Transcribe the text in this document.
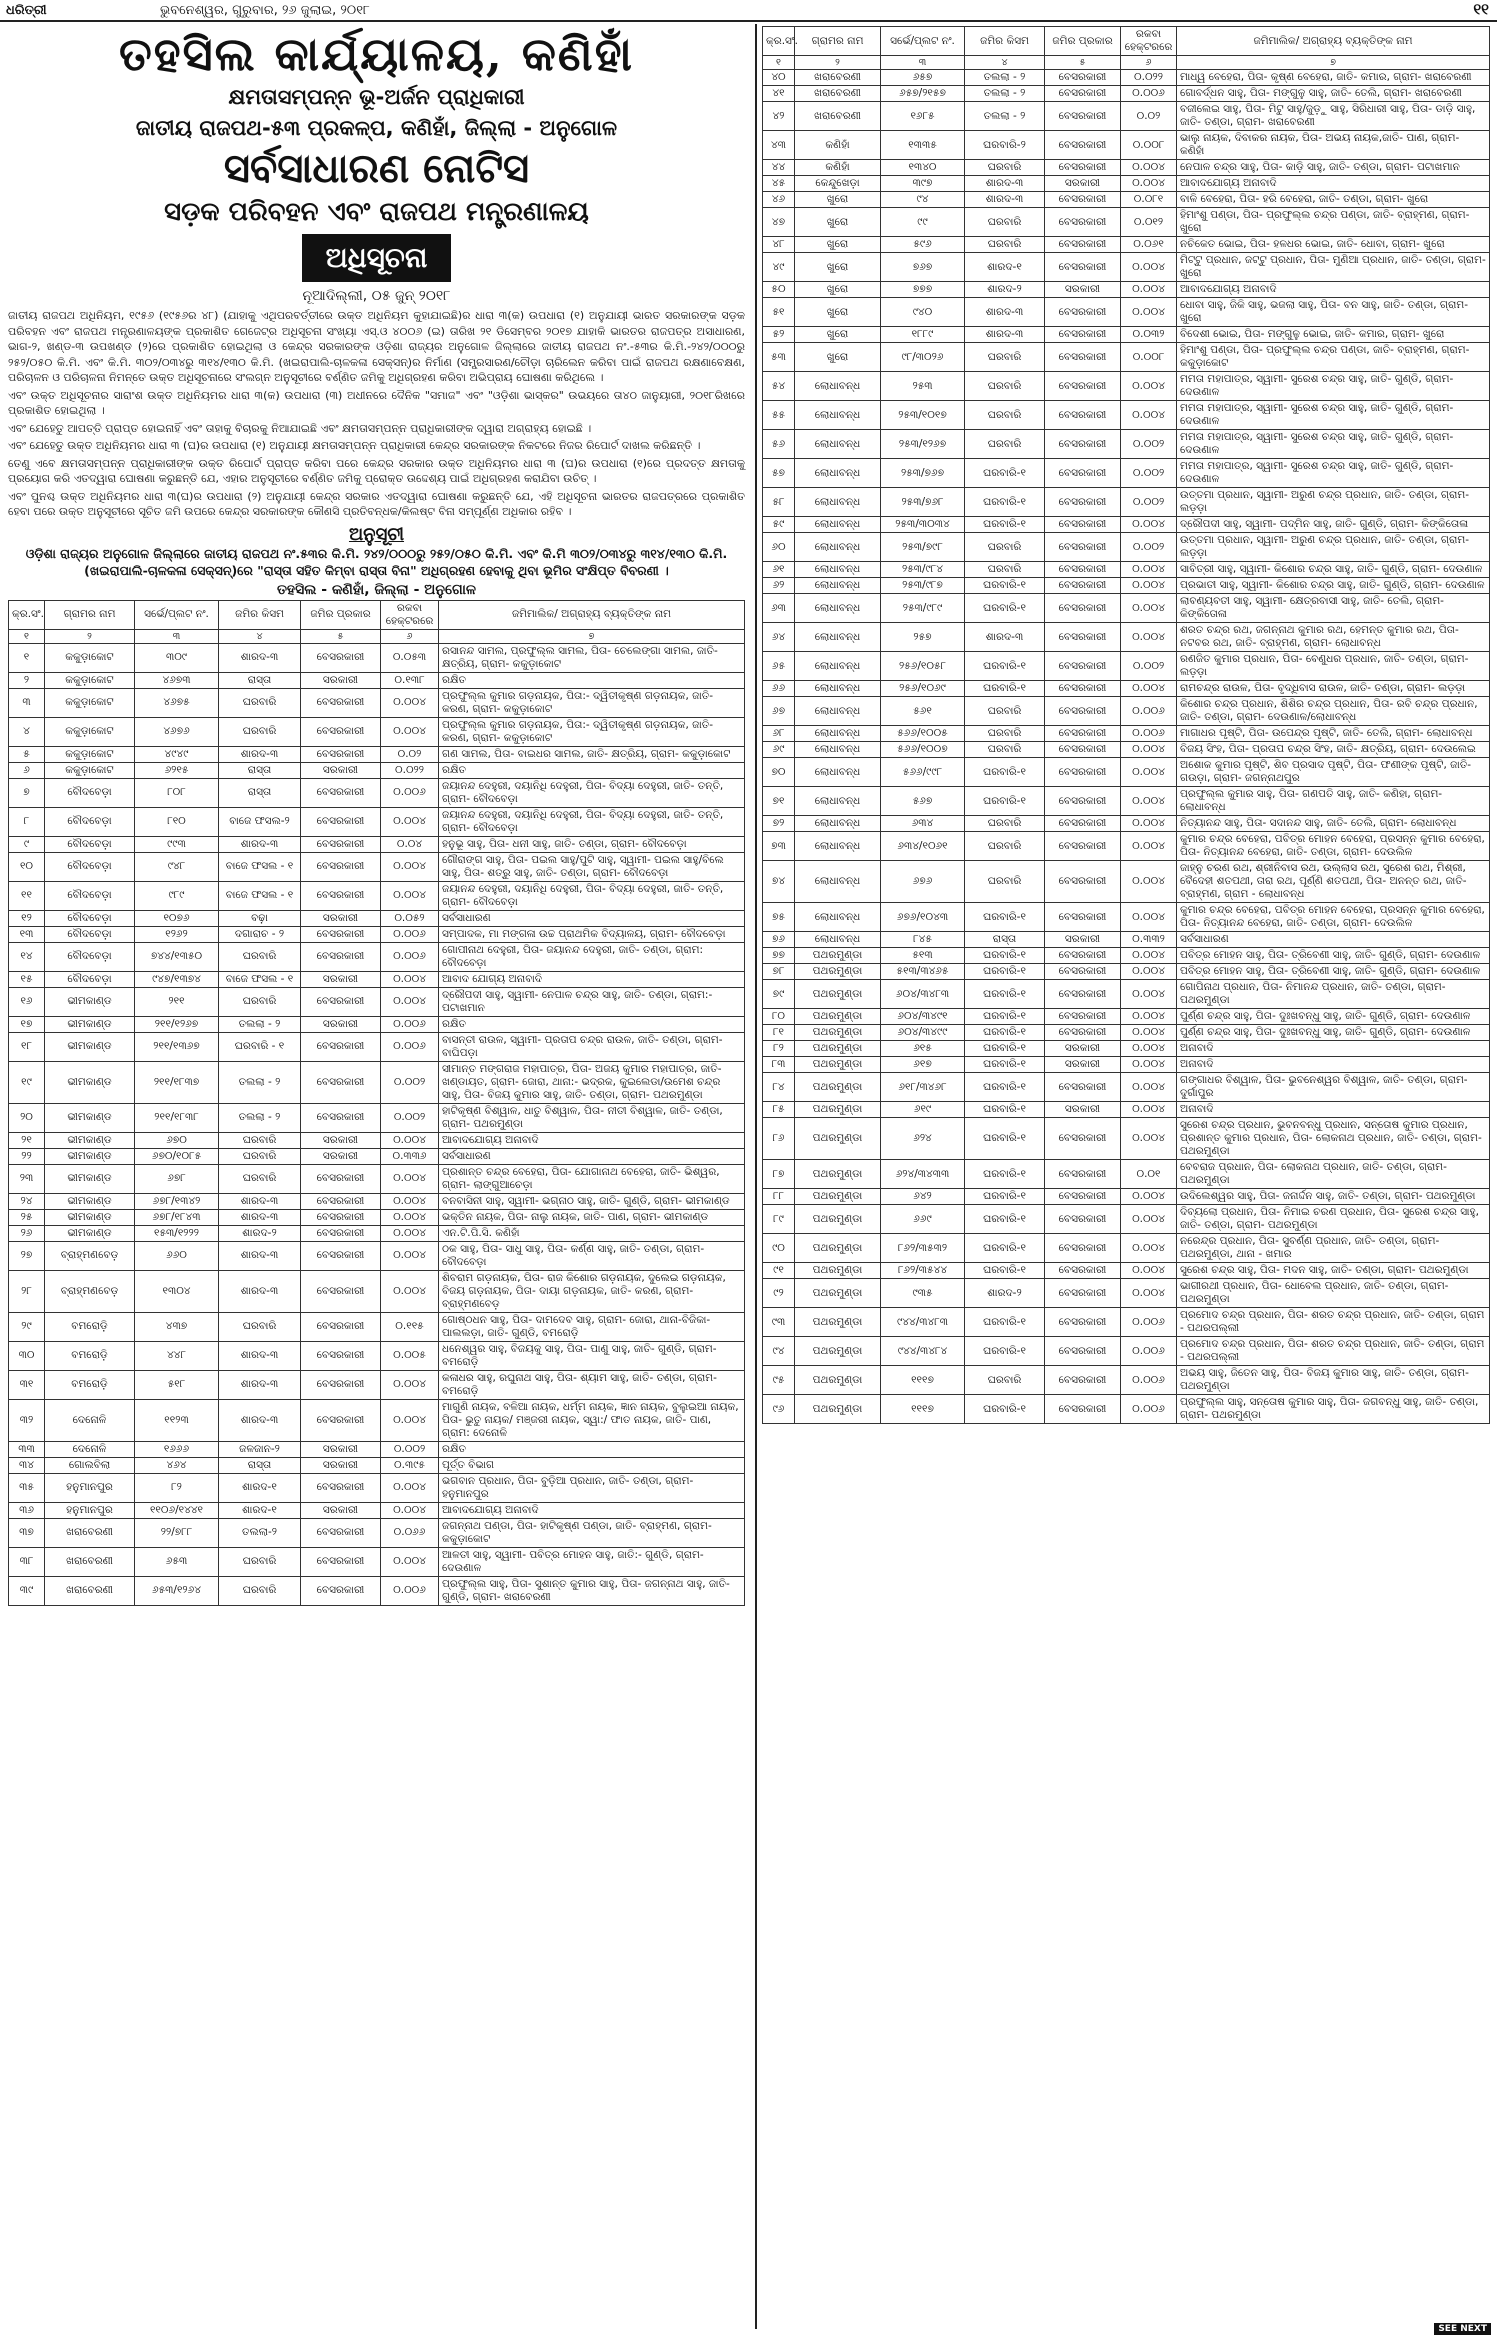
ଧରିତ୍ରୀ	ଭୁବନେଶ୍ୱର, ଗୁରୁବାର, ୨୬ ଜୁଲାଇ, ୨୦୧୮	୧୧
ତହସିଲ କାର୍ଯ୍ୟାଳୟ, କଣିହାଁ
କ୍ଷମତାସମ୍ପନ୍ନ ଭୂ-ଅର୍ଜନ ପ୍ରାଧିକାରୀ
ଜାତୀୟ ରାଜପଥ-୫୩ ପ୍ରକଳ୍ପ, କଣିହାଁ, ଜିଲ୍ଲା - ଅନୁଗୋଳ
ସର୍ବସାଧାରଣ ନୋଟିସ
ସଡ଼କ ପରିବହନ ଏବଂ ରାଜପଥ ମନ୍ତ୍ରଣାଳୟ
ଅଧିସୂଚନା
ନୂଆଦିଲ୍ଲୀ, ୦୫ ଜୁନ୍ ୨୦୧୮
ଜାତୀୟ ରାଜପଥ ଅଧିନିୟମ, ୧୯୫୬ (୧୯୫୬ର ୪୮) (ଯାହାକୁ ଏଥିପରବର୍ତ୍ତୀରେ ଉକ୍ତ ଅଧିନିୟମ କୁହାଯାଇଛି)ର ଧାରା ୩(କ) ଉପଧାରା (୧) ଅନୁଯାୟୀ ଭାରତ ସରକାରଙ୍କ ସଡ଼କ ପରିବହନ ଏବଂ ରାଜପଥ ମନ୍ତ୍ରଣାଳୟଙ୍କ ପ୍ରକାଶିତ ଗେଜେଟ୍ର ଅଧିସୂଚନା ସଂଖ୍ୟା ଏସ୍.ଓ ୪୦୦୬ (ଇ) ତାରିଖ ୨୧ ଡିସେମ୍ବର ୨୦୧୭ ଯାହାକି ଭାରତର ରାଜପତ୍ର ଅସାଧାରଣ, ଭାଗ-୨, ଖଣ୍ଡ-୩ ଉପଖଣ୍ଡ (୨)ରେ ପ୍ରକାଶିତ ହୋଇଥିଲା ଓ କେନ୍ଦ୍ର ସରକାରଙ୍କ ଓଡ଼ିଶା ରାଜ୍ୟର ଅନୁଗୋଳ ଜିଲ୍ଲାରେ ଜାତୀୟ ରାଜପଥ ନଂ.-୫୩ର କି.ମି.-୨୪୨/୦୦୦ରୁ ୨୫୨/୦୫୦ କି.ମି. ଏବଂ କି.ମି. ୩୦୨/୦୩୪ରୁ ୩୧୪/୧୩୦ କି.ମି. (ଖଇରାପାଲି-ଚାଳକଳା ସେକ୍ସନ୍)ର ନିର୍ମାଣ (ସମ୍ପ୍ରସାରଣ/ଚୌଡ଼ା ଚାରିଲେନ କରିବା ପାଇଁ ରାଜପଥ ରକ୍ଷଣାବେକ୍ଷଣ, ପରିଚାଳନ ଓ ପରିଚାଳନା ନିମନ୍ତେ ଉକ୍ତ ଅଧିସୂଚନାରେ ସଂଲଗ୍ନ ଅନୁସୂଚୀରେ ବର୍ଣ୍ଣିତ ଜମିକୁ ଅଧିଗ୍ରହଣ କରିବା ଅଭିପ୍ରାୟ ଘୋଷଣା କରିଥିଲେ ।
ଏବଂ ଉକ୍ତ ଅଧିସୂଚନାର ସାରାଂଶ ଉକ୍ତ ଅଧିନିୟମର ଧାରା ୩(କ) ଉପଧାରା (୩) ଅଧୀନରେ ଦୈନିକ "ସମାଜ" ଏବଂ "ଓଡ଼ିଶା ଭାସ୍କର" ଉଭୟରେ ତା୪ଠ ଜାନୁୟାରୀ, ୨୦୧୮ରିଖରେ ପ୍ରକାଶିତ ହୋଇଥିଲା ।
ଏବଂ ଯେହେତୁ ଆପତ୍ତି ପ୍ରାପ୍ତ ହୋଇନାହିଁ ଏବଂ ତାହାକୁ ବିଚାରକୁ ନିଆଯାଇଛି ଏବଂ କ୍ଷମତାସମ୍ପନ୍ନ ପ୍ରାଧିକାରୀଙ୍କ ଦ୍ୱାରା ଅଗ୍ରାହ୍ୟ ହୋଇଛି ।
ଏବଂ ଯେହେତୁ ଉକ୍ତ ଅଧିନିୟମର ଧାରା ୩ (ଘ)ର ଉପଧାରା (୧) ଅନୁଯାୟୀ କ୍ଷମତାସମ୍ପନ୍ନ ପ୍ରାଧିକାରୀ କେନ୍ଦ୍ର ସରକାରଙ୍କ ନିକଟରେ ନିଜର ରିପୋର୍ଟ ଦାଖଲ କରିଛନ୍ତି ।
ତେଣୁ ଏବେ କ୍ଷମତାସମ୍ପନ୍ନ ପ୍ରାଧିକାରୀଙ୍କ ଉକ୍ତ ରିପୋର୍ଟ ପ୍ରାପ୍ତ କରିବା ପରେ କେନ୍ଦ୍ର ସରକାର ଉକ୍ତ ଅଧିନିୟମର ଧାରା ୩ (ଘ)ର ଉପଧାରା (୧)ରେ ପ୍ରଦତ୍ତ କ୍ଷମତାକୁ ପ୍ରୟୋଗ କରି ଏତଦ୍ୱାରା ଘୋଷଣା କରୁଛନ୍ତି ଯେ, ଏହାର ଅନୁସୂଚୀରେ ବର୍ଣ୍ଣିତ ଜମିକୁ ପ୍ରୋକ୍ତ ଉଦ୍ଦେଶ୍ୟ ପାଇଁ ଅଧିଗ୍ରହଣ କରାଯିବା ଉଚିତ୍ ।
ଏବଂ ପୁନଶ୍ଚ ଉକ୍ତ ଅଧିନିୟମର ଧାରା ୩(ଘ)ର ଉପଧାରା (୨) ଅନୁଯାୟୀ କେନ୍ଦ୍ର ସରକାର ଏତଦ୍ୱାରା ଘୋଷଣା କରୁଛନ୍ତି ଯେ, ଏହି ଅଧିସୂଚନା ଭାରତର ରାଜପତ୍ରରେ ପ୍ରକାଶିତ ହେବା ପରେ ଉକ୍ତ ଅନୁସୂଚୀରେ ସୂଚିତ ଜମି ଉପରେ କେନ୍ଦ୍ର ସରକାରଙ୍କ କୌଣସି ପ୍ରତିବନ୍ଧକ/କିଲଷ୍ଟ ବିନା ସମ୍ପୂର୍ଣ୍ଣ ଅଧିକାର ରହିବ ।
ଅନୁସୂଚୀ
ଓଡ଼ିଶା ରାଜ୍ୟର ଅନୁଗୋଳ ଜିଲ୍ଲାରେ ଜାତୀୟ ରାଜପଥ ନଂ.୫୩ର କି.ମି. ୨୪୨/୦୦୦ରୁ ୨୫୨/୦୫୦ କି.ମି. ଏବଂ କି.ମି ୩୦୨/୦୩୪ରୁ ୩୧୪/୧୩୦ କି.ମି. (ଖଇରାପାଲି-ଚାଳକଳା ସେକ୍ସନ୍)ରେ "ରାସ୍ତା ସହିତ କିମ୍ବା ରାସ୍ତା ବିନା" ଅଧିଗ୍ରହଣ ହେବାକୁ ଥିବା ଭୂମିର ସଂକ୍ଷିପ୍ତ ବିବରଣୀ ।
ତହସିଲ - କଣିହାଁ, ଜିଲ୍ଲା - ଅନୁଗୋଳ
କ୍ର.ସଂ.	ଗ୍ରାମର ନାମ	ସର୍ଭେ/ପ୍ଲଟ ନଂ.	ଜମିର କିସମ	ଜମିର ପ୍ରକାର	ରକବା ହେକ୍ଟରରେ	ଜମିମାଲିକ/ ଅଗ୍ରାହ୍ୟ ବ୍ୟକ୍ତିଙ୍କ ନାମ
୧	୨	୩	୪	୫	୬	୭
୧	କକୁଡ଼ାକୋଟ	୩୦୯	ଶାରଦ-୩	ବେସରକାରୀ	୦.୦୫୩	ରସାନନ୍ଦ ସାମଲ, ପ୍ରଫୁଲ୍ଲ ସାମଲ, ପିତା- ଚେଲେଙ୍ଗା ସାମଲ, ଜାତି- କ୍ଷତ୍ରିୟ, ଗ୍ରାମ- କକୁଡ଼ାକୋଟ
୨	କକୁଡ଼ାକୋଟ	୪୬୭୩	ରାସ୍ତା	ସରକାରୀ	୦.୧୩୮	ରକ୍ଷିତ
୩	କକୁଡ଼ାକୋଟ	୪୬୭୫	ଘରବାରି	ବେସରକାରୀ	୦.୦୦୪	ପ୍ରଫୁଲ୍ଲ କୁମାର ଗଡ଼ନାୟକ, ପିତା:- ଦ୍ୱିତୀକୃଷ୍ଣ ଗଡ଼ନାୟକ, ଜାତି- କରଣ, ଗ୍ରାମ- କକୁଡ଼ାକୋଟ
୪	କକୁଡ଼ାକୋଟ	୪୬୭୬	ଘରବାରି	ବେସରକାରୀ	୦.୦୦୪	ପ୍ରଫୁଲ୍ଲ କୁମାର ଗଡ଼ନାୟକ, ପିତା:- ଦ୍ୱିତୀକୃଷ୍ଣ ଗଡ଼ନାୟକ, ଜାତି- କରଣ, ଗ୍ରାମ- କକୁଡ଼ାକୋଟ
୫	କକୁଡ଼ାକୋଟ	୪୯୪୯	ଶାରଦ-୩	ବେସରକାରୀ	୦.୦୨	ଗଣ ସାମଲ, ପିତା- ବାଇଧର ସାମଲ, ଜାତି- କ୍ଷତ୍ରିୟ, ଗ୍ରାମ- କକୁଡ଼ାକୋଟ
୬	କକୁଡ଼ାକୋଟ	୬୨୧୫	ରାସ୍ତା	ସରକାରୀ	୦.୦୨୨	ରକ୍ଷିତ
୭	ବୌଦବେଡ଼ା	୮୦୮	ରାସ୍ତା	ବେସରକାରୀ	୦.୦୦୬	ଜୟାନନ୍ଦ ଦେହୁରୀ, ଦୟାନିଧି ଦେହୁରୀ, ପିତା- ବିଦ୍ୟା ଦେହୁରୀ, ଜାତି- ତନ୍ତି, ଗ୍ରାମ- ବୌଦବେଡ଼ା
୮	ବୌଦବେଡ଼ା	୮୧୦	ବାଜେ ଫସଲ-୨	ବେସରକାରୀ	୦.୦୦୪	ଜୟାନନ୍ଦ ଦେହୁରୀ, ଦୟାନିଧି ଦେହୁରୀ, ପିତା- ବିଦ୍ୟା ଦେହୁରୀ, ଜାତି- ତନ୍ତି, ଗ୍ରାମ- ବୌଦବେଡ଼ା
୯	ବୌଦବେଡ଼ା	୯୯୩	ଶାରଦ-୩	ବେସରକାରୀ	୦.୦୪	ହନୁଭୂ ସାହୁ, ପିତା- ଧନୀ ସାହୁ, ଜାତି- ତଣ୍ଡା, ଗ୍ରାମ- ବୌଦବେଡ଼ା
୧୦	ବୌଦବେଡ଼ା	୯୪୮	ବାଜେ ଫସଲ - ୧	ବେସରକାରୀ	୦.୦୦୪	ଗୌରାଙ୍ଗ ସାହୁ, ପିତା- ପଇଲ ସାହୁ/ପୁଟି ସାହୁ, ସ୍ୱାମୀ- ପଇଲ ସାହୁ/ବିଲେ ସାହୁ, ପିତା- ଶତ୍ରୁ ସାହୁ, ଜାତି- ତଣ୍ଡା, ଗ୍ରାମ- ବୌଦବେଡ଼ା
୧୧	ବୌଦବେଡ଼ା	୯୮୯	ବାଜେ ଫସଲ - ୧	ବେସରକାରୀ	୦.୦୦୪	ଜୟାନନ୍ଦ ଦେହୁରୀ, ଦୟାନିଧି ଦେହୁରୀ, ପିତା- ବିଦ୍ୟା ଦେହୁରୀ, ଜାତି- ତନ୍ତି, ଗ୍ରାମ- ବୌଦବେଡ଼ା
୧୨	ବୌଦବେଡ଼ା	୧୦୭୬	ବଢ଼ା	ସରକାରୀ	୦.୦୫୨	ସର୍ବସାଧାରଣ
୧୩	ବୌଦବେଡ଼ା	୧୨୬୨	ଦଗାରାଚ - ୨	ବେସରକାରୀ	୦.୦୦୬	ସମ୍ପାଦକ, ମା ମଙ୍ଗଳା ଉଚ୍ଚ ପ୍ରାଥମିକ ବିଦ୍ୟାଳୟ, ଗ୍ରାମ- ବୌଦବେଡ଼ା
୧୪	ବୌଦବେଡ଼ା	୭୪୪/୧୩୫୦	ଘରବାରି	ବେସରକାରୀ	୦.୦୦୬	ଗୋପୀନାଥ ଦେହୁରୀ, ପିତା- ଜୟାନନ୍ଦ ଦେହୁରୀ, ଜାତି- ତଣ୍ଡା, ଗ୍ରାମ: ବୌଦବେଡ଼ା
୧୫	ବୌଦବେଡ଼ା	୯୪୭/୧୩୭୪	ବାଜେ ଫସଲ - ୧	ସରକାରୀ	୦.୦୦୪	ଆବାଦ ଯୋଗ୍ୟ ଅନାବାଦି
୧୬	ଭୀମକାଣ୍ଡ	୨୧୧	ଘରବାରି	ବେସରକାରୀ	୦.୦୦୪	ଦ୍ରୌପଦୀ ସାହୁ, ସ୍ୱାମୀ- ନେପାଳ ଚନ୍ଦ୍ର ସାହୁ, ଜାତି- ତଣ୍ଡା, ଗ୍ରାମ:- ପଟାଖମାନ
୧୭	ଭୀମକାଣ୍ଡ	୨୧୧/୧୨୬୭	ତଲଲା - ୨	ସରକାରୀ	୦.୦୦୬	ରକ୍ଷିତ
୧୮	ଭୀମକାଣ୍ଡ	୨୧୧/୧୩୬୭	ଘରବାରି - ୧	ବେସରକାରୀ	୦.୦୦୬	ବାସନ୍ତୀ ରାଉଳ, ସ୍ୱାମୀ- ପ୍ରତାପ ଚନ୍ଦ୍ର ରାଉଳ, ଜାତି- ତଣ୍ଡା, ଗ୍ରାମ- ବାଘିପଡ଼ା
୧୯	ଭୀମକାଣ୍ଡ	୨୧୧/୧୮୩୭	ତଲଲା - ୨	ବେସରକାରୀ	୦.୦୦୨	ସୀମାନ୍ତ ମଙ୍ଗରାଜ ମହାପାତ୍ର, ପିତା- ଅଜୟ କୁମାର ମହାପାତ୍ର, ଜାତି- ଖଣ୍ଡାୟତ, ଗ୍ରାମ- ଜୋରା, ଥାନା:- ଭଦ୍ରକ, କୁଇଲେଡା/ଉମେଶ ଚନ୍ଦ୍ର ସାହୁ, ପିତା- ବିଜୟ କୁମାର ସାହୁ, ଜାତି- ତଣ୍ଡା, ଗ୍ରାମ- ପଥରମୁଣ୍ଡା
୨୦	ଭୀମକାଣ୍ଡ	୨୧୧/୧୮୩୮	ତଲଲା - ୨	ବେସରକାରୀ	୦.୦୦୨	ହାଟିକୃଷ୍ଣ ବିଶ୍ୱାଳ, ଧାତୁ ବିଶ୍ୱାଳ, ପିତା- ନୀତୀ ବିଶ୍ୱାଳ, ଜାତି- ତଣ୍ଡା, ଗ୍ରାମ- ପଥରମୁଣ୍ଡା
୨୧	ଭୀମକାଣ୍ଡ	୬୭୦	ଘରବାରି	ସରକାରୀ	୦.୦୦୪	ଆବାଦଯୋଗ୍ୟ ଅନାବାଦି
୨୨	ଭୀମକାଣ୍ଡ	୬୭୦/୧୦୮୫	ଘରବାରି	ସରକାରୀ	୦.୩୩୬	ସର୍ବସାଧାରଣ
୨୩	ଭୀମକାଣ୍ଡ	୬୭୮	ଘରବାରି	ବେସରକାରୀ	୦.୦୦୪	ପ୍ରଶାନ୍ତ ଚନ୍ଦ୍ର ବେହେରା, ପିତା- ଯୋଗାନାଥ ବେହେରା, ଜାତି- ଭିଶ୍ୱର, ଗ୍ରାମ- ଲାଙ୍ଗୁଆଚେଡ଼ା
୨୪	ଭୀମକାଣ୍ଡ	୬୭୮/୧୩୪୨	ଶାରଦ-୩	ବେସରକାରୀ	୦.୦୦୪	ବନବାସିନୀ ସାହୁ, ସ୍ୱାମୀ- ଭଗ୍ନାଠ ସାହୁ, ଜାତି- ଗୁଣ୍ଡି, ଗ୍ରାମ- ଭୀମକାଣ୍ଡ
୨୫	ଭୀମକାଣ୍ଡ	୬୭୮/୧୮୪୩	ଶାରଦ-୩	ବେସରକାରୀ	୦.୦୦୪	ଭକ୍ତିନ ନାୟକ, ପିତା- ନାଲୁ ନାୟକ, ଜାତି- ପାଣ, ଗ୍ରାମ- ଭୀମକାଣ୍ଡ
୨୬	ଭୀମକାଣ୍ଡ	୧୫୩/୧୨୨୨	ଶାରଦ-୨	ବେସରକାରୀ	୦.୦୦୪	ଏନ.ଟି.ପି.ସି. କଣିହାଁ
୨୭	ବ୍ରାହ୍ମଣବେଡ଼	୬୬୦	ଶାରଦ-୩	ବେସରକାରୀ	୦.୦୦୪	ଠକ ସାହୁ, ପିତା- ସାଧୁ ସାହୁ, ପିତା- କର୍ଣ୍ଣ ସାହୁ, ଜାତି- ତଣ୍ଡା, ଗ୍ରାମ- ବୌଦବେଡ଼ା
୨୮	ବ୍ରାହ୍ମଣବେଡ଼	୧୩୦୪	ଶାରଦ-୩	ବେସରକାରୀ	୦.୦୦୪	ଶିବରାମ ଗଡ଼ନାୟକ, ପିତା- ରାଜ କିଶୋର ଗଡ଼ନାୟକ, ଦୁଲେଇ ଗଡ଼ନାୟକ, ବିଜୟ ଗଡ଼ନାୟକ, ପିତା- ଦାୟା ଗଡ଼ନାୟକ, ଜାତି- କରଣ, ଗ୍ରାମ- ବ୍ରାହ୍ମଣବେଡ଼
୨୯	ବମରୋଡ଼ି	୪୩୭	ଘରବାରି	ବେସରକାରୀ	୦.୧୧୫	ଗୋଷ୍ଠଧନ ସାହୁ, ପିତା- ଦାମଦେବ ସାହୁ, ଗ୍ରାମ- ଜୋରା, ଥାନା-ବିଜିକା- ପାଲଲଡ଼ା, ଜାତି- ଗୁଣ୍ଡି, ବମରୋଡ଼ି
୩୦	ବମରୋଡ଼ି	୪୪୮	ଶାରଦ-୩	ବେସରକାରୀ	୦.୦୦୫	ଧନେଶ୍ୱର ସାହୁ, ବିଜୟକୁ ସାହୁ, ପିତା- ପାଣୁ ସାହୁ, ଜାତି- ଗୁଣ୍ଡି, ଗ୍ରାମ- ବମରୋଡ଼ି
୩୧	ବମରୋଡ଼ି	୫୧୮	ଶାରଦ-୩	ବେସରକାରୀ	୦.୦୦୪	କଳାଧର ସାହୁ, ରଘୁନାଥ ସାହୁ, ପିତା- ଶ୍ୟାମ ସାହୁ, ଜାତି- ତଣ୍ଡା, ଗ୍ରାମ- ବମରୋଡ଼ି
୩୨	ଦେନୋଳି	୧୧୨୩	ଶାରଦ-୩	ବେସରକାରୀ	୦.୦୦୪	ମାଗୁଣି ନାୟକ, ବଳିଆ ନାୟକ, ଧର୍ମ୍ମ ନାୟକ, ଜ୍ଞାନ ନାୟକ, ବୁଲୁଇଆ ନାୟକ, ପିତା- ଭୁତୁ ନାୟକ/ ମଞ୍ଜରୀ ନାୟକ, ସ୍ୱା:/ ଫାତ ନାୟକ, ଜାତି- ପାଣ, ଗ୍ରାମ: ଦେନୋଳି
୩୩	ଦେନୋଳି	୧୬୬୬	ଜଳଜାନ-୨	ସରକାରୀ	୦.୦୦୨	ରକ୍ଷିତ
୩୪	ଗୋଲବିଲା	୪୬୪	ରାସ୍ତା	ସରକାରୀ	୦.୩୯୫	ପୂର୍ତ୍ତ ବିଭାଗ
୩୫	ହନୁମାନପୁର	୮୨	ଶାରଦ-୧	ବେସରକାରୀ	୦.୦୦୪	ଭଗବାନ ପ୍ରଧାନ, ପିତା- ବୁଡ଼ିଆ ପ୍ରଧାନ, ଜାତି- ତଣ୍ଡା, ଗ୍ରାମ- ହନୁମାନପୁର
୩୬	ହନୁମାନପୁର	୧୧୦୬/୧୪୪୧	ଶାରଦ-୧	ସରକାରୀ	୦.୦୦୪	ଆବାଦଯୋଗ୍ୟ ଅନାବାଦି
୩୭	ଖରାବେରଣୀ	୨୨/୭୮୮	ତଲଲା-୨	ବେସରକାରୀ	୦.୦୬୬	ଜଗନ୍ନାଥ ପଣ୍ଡା, ପିତା- ହାଟିକୃଷ୍ଣ ପଣ୍ଡା, ଜାତି- ବ୍ରାହ୍ମଣ, ଗ୍ରାମ- କକୁଡ଼ାକୋଟ
୩୮	ଖରାବେରଣୀ	୬୫୩	ଘରବାରି	ବେସରକାରୀ	୦.୦୦୪	ଆଳତୀ ସାହୁ, ସ୍ୱାମୀ- ପବିତ୍ର ମୋହନ ସାହୁ, ଜାତି:- ଗୁଣ୍ଡି, ଗ୍ରାମ- ଦେଉଣାଳ
୩୯	ଖରାବେରଣୀ	୬୫୩/୧୨୬୪	ଘରବାରି	ବେସରକାରୀ	୦.୦୦୬	ପ୍ରଫୁଲ୍ଲ ସାହୁ, ପିତା- ସୁଶାନ୍ତ କୁମାର ସାହୁ, ପିତା- ଜଗନ୍ନାଥ ସାହୁ, ଜାତି- ଗୁଣ୍ଡି, ଗ୍ରାମ- ଖରାବେରଣୀ
କ୍ର.ସଂ.	ଗ୍ରାମର ନାମ	ସର୍ଭେ/ପ୍ଲଟ ନଂ.	ଜମିର କିସମ	ଜମିର ପ୍ରକାର	ରକବା ହେକ୍ଟରରେ	ଜମିମାଲିକ/ ଅଗ୍ରାହ୍ୟ ବ୍ୟକ୍ତିଙ୍କ ନାମ
୧	୨	୩	୪	୫	୬	୭
୪୦	ଖରାବେରଣୀ	୬୫୭	ତଲଲା - ୨	ବେସରକାରୀ	୦.୦୨୨	ମାଧ୍ୱ ବେହେରା, ପିତା- କୃଷ୍ଣ ବେହେରା, ଜାତି- କମାର, ଗ୍ରାମ- ଖରାବେରଣୀ
୪୧	ଖରାବେରଣୀ	୬୫୭/୨୧୫୭	ତଲଲା - ୨	ବେସରକାରୀ	୦.୦୦୬	ଗୋବର୍ଦ୍ଧନ ସାହୁ, ପିତା- ମଙ୍ଗୁଳୁ ସାହୁ, ଜାତି- ତେଲି, ଗ୍ରାମ- ଖରାବେରଣୀ
୪୨	ଖରାବେରଣୀ	୧୬୮୫	ତଲଲା - ୨	ବେସରକାରୀ	୦.୦୨	ବଜୀଲେଇ ସାହୁ, ପିତା- ମିଟୁ ସାହୁ/ଜୁଡ଼ୁ ସାହୁ, ସିରିଧାରୀ ସାହୁ, ପିତା- ଡାଡ଼ି ସାହୁ, ଜାତି- ତଣ୍ଡା, ଗ୍ରାମ- ଖରାବେରଣୀ
୪୩	କଣିହାଁ	୧୩୩୫	ଘରବାରି-୨	ବେସରକାରୀ	୦.୦୦୮	ଭାଲୁ ନାୟକ, ଦିବାକର ନାୟକ, ପିତା- ଅଭୟ ନାୟକ,ଜାତି- ପାଣ, ଗ୍ରାମ- କଣିହାଁ
୪୪	କଣିହାଁ	୧୩୪୦	ଘରବାରି	ବେସରକାରୀ	୦.୦୦୪	ନେପାଳ ଚନ୍ଦ୍ର ସାହୁ, ପିତା- କାଡ଼ି ସାହୁ, ଜାତି- ତଣ୍ଡା, ଗ୍ରାମ- ପଟାଖମାନ
୪୫	କେନ୍ଦୁଖେଡ଼ା	୩୯୭	ଶାରଦ-୩	ସରକାରୀ	୦.୦୦୪	ଆବାଦଯୋଗ୍ୟ ଅନାବାଦି
୪୬	ଖୁରୋ	୯୪	ଶାରଦ-୩	ବେସରକାରୀ	୦.୦୮୧	ବାଳି ବେହେରା, ପିତା- ହରି ବେହେରା, ଜାତି- ତଣ୍ଡା, ଗ୍ରାମ- ଖୁରୋ
୪୭	ଖୁରୋ	୯୯	ଘରବାରି	ବେସରକାରୀ	୦.୦୧୨	ହିମାଂଶୁ ପଣ୍ଡା, ପିତା- ପ୍ରଫୁଲ୍ଲ ଚନ୍ଦ୍ର ପଣ୍ଡା, ଜାତି- ବ୍ରାହ୍ମଣ, ଗ୍ରାମ- ଖୁରୋ
୪୮	ଖୁରୋ	୫୯୬	ଘରବାରି	ବେସରକାରୀ	୦.୦୬୧	ନଚିକେତ ଭୋଇ, ପିତା- ହଳଧର ଭୋଇ, ଜାତି- ଧୋବା, ଗ୍ରାମ- ଖୁରୋ
୪୯	ଖୁରୋ	୭୬୭	ଶାରଦ-୧	ବେସରକାରୀ	୦.୦୦୪	ମିଟ୍ଟୁ ପ୍ରଧାନ, ଜଟ୍ଟୁ ପ୍ରଧାନ, ପିତା- ମୁଣିଆ ପ୍ରଧାନ, ଜାତି- ତଣ୍ଡା, ଗ୍ରାମ- ଖୁରୋ
୫୦	ଖୁରୋ	୭୭୭	ଶାରଦ-୨	ସରକାରୀ	୦.୦୦୪	ଆବାଦଯୋଗ୍ୟ ଅନାବାଦି
୫୧	ଖୁରୋ	୯୪୦	ଶାରଦ-୩	ବେସରକାରୀ	୦.୦୦୪	ଧୋବା ସାହୁ, ଜିକି ସାହୁ, ଭଜଲା ସାହୁ, ପିତା- ବନ ସାହୁ, ଜାତି- ତଣ୍ଡା, ଗ୍ରାମ- ଖୁରୋ
୫୨	ଖୁରୋ	୧୮୮୯	ଶାରଦ-୩	ବେସରକାରୀ	୦.୦୩୨	ବିଦେଶୀ ଭୋଇ, ପିତା- ମଙ୍ଗୁଳୁ ଭୋଇ, ଜାତି- କମାର, ଗ୍ରାମ- ଖୁରୋ
୫୩	ଖୁରୋ	୯୮/୩୦୨୬	ଘରବାରି	ବେସରକାରୀ	୦.୦୦୮	ହିମାଂଶୁ ପଣ୍ଡା, ପିତା- ପ୍ରଫୁଲ୍ଲ ଚନ୍ଦ୍ର ପଣ୍ଡା, ଜାତି- ବ୍ରାହ୍ମଣ, ଗ୍ରାମ- କକୁଡ଼ାକୋଟ
୫୪	ଲୋଧାବନ୍ଧ	୨୫୩	ଘରବାରି	ବେସରକାରୀ	୦.୦୦୪	ମମତା ମହାପାତ୍ର, ସ୍ୱାମୀ- ସୁରେଶ ଚନ୍ଦ୍ର ସାହୁ, ଜାତି- ଗୁଣ୍ଡି, ଗ୍ରାମ- ଦେଉଣାଳ
୫୫	ଲୋଧାବନ୍ଧ	୨୫୩/୧୦୧୭	ଘରବାରି	ବେସରକାରୀ	୦.୦୦୪	ମମତା ମହାପାତ୍ର, ସ୍ୱାମୀ- ସୁରେଶ ଚନ୍ଦ୍ର ସାହୁ, ଜାତି- ଗୁଣ୍ଡି, ଗ୍ରାମ- ଦେଉଣାଳ
୫୬	ଲୋଧାବନ୍ଧ	୨୫୩/୧୨୬୭	ଘରବାରି	ବେସରକାରୀ	୦.୦୦୨	ମମତା ମହାପାତ୍ର, ସ୍ୱାମୀ- ସୁରେଶ ଚନ୍ଦ୍ର ସାହୁ, ଜାତି- ଗୁଣ୍ଡି, ଗ୍ରାମ- ଦେଉଣାଳ
୫୭	ଲୋଧାବନ୍ଧ	୨୫୩/୭୬୭	ଘରବାରି-୧	ବେସରକାରୀ	୦.୦୦୨	ମମତା ମହାପାତ୍ର, ସ୍ୱାମୀ- ସୁରେଶ ଚନ୍ଦ୍ର ସାହୁ, ଜାତି- ଗୁଣ୍ଡି, ଗ୍ରାମ- ଦେଉଣାଳ
୫୮	ଲୋଧାବନ୍ଧ	୨୫୩/୭୬୮	ଘରବାରି-୧	ବେସରକାରୀ	୦.୦୦୨	ଉତ୍ତମା ପ୍ରଧାନ, ସ୍ୱାମୀ- ଅରୁଣ ଚନ୍ଦ୍ର ପ୍ରଧାନ, ଜାତି- ତଣ୍ଡା, ଗ୍ରାମ- ଲଡ଼ଡ଼ା
୫୯	ଲୋଧାବନ୍ଧ	୨୫୩/୩୦୩୪	ଘରବାରି-୧	ବେସରକାରୀ	୦.୦୦୪	ଦ୍ରୌପଦୀ ସାହୁ, ସ୍ୱାମୀ- ପଦ୍ମିନ ସାହୁ, ଜାତି- ଗୁଣ୍ଡି, ଗ୍ରାମ- କିଙ୍କିତୋଳା
୬୦	ଲୋଧାବନ୍ଧ	୨୫୩/୭୯୮	ଘରବାରି	ବେସରକାରୀ	୦.୦୦୨	ଉତ୍ତମା ପ୍ରଧାନ, ସ୍ୱାମୀ- ଅରୁଣ ଚନ୍ଦ୍ର ପ୍ରଧାନ, ଜାତି- ତଣ୍ଡା, ଗ୍ରାମ- ଲଡ଼ଡ଼ା
୬୧	ଲୋଧାବନ୍ଧ	୨୫୩/୯୮୪	ଘରବାରି	ବେସରକାରୀ	୦.୦୦୪	ସାବିତ୍ରୀ ସାହୁ, ସ୍ୱାମୀ- କିଶୋର ଚନ୍ଦ୍ର ସାହୁ, ଜାତି- ଗୁଣ୍ଡି, ଗ୍ରାମ- ଦେଉଣାଳ
୬୨	ଲୋଧାବନ୍ଧ	୨୫୩/୯୮୭	ଘରବାରି-୧	ବେସରକାରୀ	୦.୦୦୪	ପ୍ରଭାତୀ ସାହୁ, ସ୍ୱାମୀ- କିଶୋର ଚନ୍ଦ୍ର ସାହୁ, ଜାତି- ଗୁଣ୍ଡି, ଗ୍ରାମ- ଦେଉଣାଳ
୬୩	ଲୋଧାବନ୍ଧ	୨୫୩/୯୮୯	ଘରବାରି-୧	ବେସରକାରୀ	୦.୦୦୪	ଲାବଣ୍ୟବତୀ ସାହୁ, ସ୍ୱାମୀ- କ୍ଷେତ୍ରବାସୀ ସାହୁ, ଜାତି- ତେଲି, ଗ୍ରାମ- କିଙ୍କିତୋଳା
୬୪	ଲୋଧାବନ୍ଧ	୨୫୭	ଶାରଦ-୩	ବେସରକାରୀ	୦.୦୦୪	ଶରତ ଚନ୍ଦ୍ର ରଥ, ଜଗନ୍ନାଥ କୁମାର ରଥ, ହେମନ୍ତ କୁମାର ରଥ, ପିତା- ନଟବର ରଥ, ଜାତି- ବ୍ରାହ୍ମଣ, ଗ୍ରାମ- ଲୋଧାବନ୍ଧ
୬୫	ଲୋଧାବନ୍ଧ	୨୫୬/୧୦୫୮	ଘରବାରି-୧	ବେସରକାରୀ	୦.୦୦୨	ରଣଜିତ କୁମାର ପ୍ରଧାନ, ପିତା- ବେଣୁଧର ପ୍ରଧାନ, ଜାତି- ତଣ୍ଡା, ଗ୍ରାମ- ଲଡ଼ଡ଼ା
୬୬	ଲୋଧାବନ୍ଧ	୨୫୬/୧୦୬୯	ଘରବାରି-୧	ବେସରକାରୀ	୦.୦୦୪	ରାମଚନ୍ଦ୍ର ରାଉଳ, ପିତା- ବୃଦ୍ଧିବାସ ରାଉଳ, ଜାତି- ତଣ୍ଡା, ଗ୍ରାମ- ଲଡ଼ଡ଼ା
୬୭	ଲୋଧାବନ୍ଧ	୫୬୧	ଘରବାରି	ବେସରକାରୀ	୦.୦୦୬	କିଶୋର ଚନ୍ଦ୍ର ପ୍ରଧାନ, ଶିଶିର ଚନ୍ଦ୍ର ପ୍ରଧାନ, ପିତା- ରବି ଚନ୍ଦ୍ର ପ୍ରଧାନ, ଜାତି- ତଣ୍ଡା, ଗ୍ରାମ- ଦେଉଣାଳ/ଲୋଧାବନ୍ଧ
୬୮	ଲୋଧାବନ୍ଧ	୫୬୬/୧୦୦୫	ଘରବାରି	ବେସରକାରୀ	୦.୦୦୬	ମାଗାଧର ପୃଷ୍ଟି, ପିତା- ଉପେନ୍ଦ୍ର ପୃଷ୍ଟି, ଜାତି- ତେଲି, ଗ୍ରାମ- ଲୋଧାବନ୍ଧ
୬୯	ଲୋଧାବନ୍ଧ	୫୬୬/୧୦୦୭	ଘରବାରି	ବେସରକାରୀ	୦.୦୦୪	ବିଜୟ ସିଂହ, ପିତା- ପ୍ରତାପ ଚନ୍ଦ୍ର ସିଂହ, ଜାତି- କ୍ଷତ୍ରିୟ, ଗ୍ରାମ- ଦେଉଲେଇ
୭୦	ଲୋଧାବନ୍ଧ	୫୬୬/୯୯୮	ଘରବାରି-୧	ବେସରକାରୀ	୦.୦୦୪	ଅଶୋକ କୁମାର ପୃଷ୍ଟି, ଶିବ ପ୍ରସାଦ ପୃଷ୍ଟି, ପିତା- ଫଣୀଙ୍କ ପୃଷ୍ଟି, ଜାତି- ଗଉଡ଼ା, ଗ୍ରାମ- ଜଗନ୍ନାଥପୁର
୭୧	ଲୋଧାବନ୍ଧ	୫୬୭	ଘରବାରି-୧	ବେସରକାରୀ	୦.୦୦୪	ପ୍ରଫୁଲ୍ଲ କୁମାର ସାହୁ, ପିତା- ଗଣପତି ସାହୁ, ଜାତି- କଣିହା, ଗ୍ରାମ- ଲୋଧାବନ୍ଧ
୭୨	ଲୋଧାବନ୍ଧ	୬୩୪	ଘରବାରି	ବେସରକାରୀ	୦.୦୦୪	ନିତ୍ୟାନନ୍ଦ ସାହୁ, ପିତା- ସଦାନନ୍ଦ ସାହୁ, ଜାତି- ତେଲି, ଗ୍ରାମ- ଲୋଧାବନ୍ଧ
୭୩	ଲୋଧାବନ୍ଧ	୬୩୪/୧୦୬୧	ଘରବାରି	ବେସରକାରୀ	୦.୦୦୪	କୁମାର ଚନ୍ଦ୍ର ବେହେରା, ପବିତ୍ର ମୋହନ ବେହେରା, ପ୍ରସନ୍ନ କୁମାର ବେହେରା, ପିତା- ନିତ୍ୟାନନ୍ଦ ବେହେରା, ଜାତି- ତଣ୍ଡା, ଗ୍ରାମ- ଦେଉଲିଳ
୭୪	ଲୋଧାବନ୍ଧ	୬୭୬	ଘରବାରି	ବେସରକାରୀ	୦.୦୦୪	ଜାହ୍ନୁ ଚରଣ ରଥ, ଶ୍ରୀନିବାସ ରଥ, ଉଲ୍ଲାସ ରଥ, ସୁରେଶ ରଥ, ମିଶ୍ରୀ, ବୈଦେହୀ ଶତପଥୀ, ତାରା ରଥ, ପୂର୍ଣ୍ଣି ଶତପଥୀ, ପିତା- ଅନନ୍ତ ରଥ, ଜାତି- ବ୍ରାହ୍ମଣ, ଗ୍ରାମ - ଲୋଧାବନ୍ଧ
୭୫	ଲୋଧାବନ୍ଧ	୬୭୬/୧୦୪୩	ଘରବାରି-୧	ବେସରକାରୀ	୦.୦୦୪	କୁମାର ଚନ୍ଦ୍ର ବେହେରା, ପବିତ୍ର ମୋହନ ବେହେରା, ପ୍ରସନ୍ନ କୁମାର ବେହେରା, ପିତା- ନିତ୍ୟାନନ୍ଦ ବେହେରା, ଜାତି- ତଣ୍ଡା, ଗ୍ରାମ- ଦେଉଲିଳ
୭୬	ଲୋଧାବନ୍ଧ	୮୪୫	ରାସ୍ତା	ସରକାରୀ	୦.୩୩୨	ସର୍ବସାଧାରଣ
୭୭	ପଥରମୁଣ୍ଡା	୫୧୩	ଘରବାରି-୧	ବେସରକାରୀ	୦.୦୦୪	ପବିତ୍ର ମୋହନ ସାହୁ, ପିତା- ତ୍ରିବେଣୀ ସାହୁ, ଜାତି- ଗୁଣ୍ଡି, ଗ୍ରାମ- ଦେଉଣାଳ
୭୮	ପଥରମୁଣ୍ଡା	୫୧୩/୩୪୬୫	ଘରବାରି-୧	ବେସରକାରୀ	୦.୦୦୪	ପବିତ୍ର ମୋହନ ସାହୁ, ପିତା- ତ୍ରିବେଣୀ ସାହୁ, ଜାତି- ଗୁଣ୍ଡି, ଗ୍ରାମ- ଦେଉଣାଳ
୭୯	ପଥରମୁଣ୍ଡା	୬୦୪/୩୪୮୩	ଘରବାରି-୧	ବେସରକାରୀ	୦.୦୦୪	ଗୋପିନାଥ ପ୍ରଧାନ, ପିତା- ନିମାନନ୍ଦ ପ୍ରଧାନ, ଜାତି- ତଣ୍ଡା, ଗ୍ରାମ- ପଥରମୁଣ୍ଡା
୮୦	ପଥରମୁଣ୍ଡା	୬୦୪/୩୪୯୧	ଘରବାରି-୧	ବେସରକାରୀ	୦.୦୦୪	ପୁର୍ଣ୍ଣ ଚନ୍ଦ୍ର ସାହୁ, ପିତା- ଦୁଃଖବନ୍ଧୁ ସାହୁ, ଜାତି- ଗୁଣ୍ଡି, ଗ୍ରାମ- ଦେଉଣାଳ
୮୧	ପଥରମୁଣ୍ଡା	୬୦୪/୩୪୯୯	ଘରବାରି-୧	ବେସରକାରୀ	୦.୦୦୪	ପୁର୍ଣ୍ଣ ଚନ୍ଦ୍ର ସାହୁ, ପିତା- ଦୁଃଖବନ୍ଧୁ ସାହୁ, ଜାତି- ଗୁଣ୍ଡି, ଗ୍ରାମ- ଦେଉଣାଳ
୮୨	ପଥରମୁଣ୍ଡା	୬୧୫	ଘରବାରି-୧	ସରକାରୀ	୦.୦୦୪	ଅନାବାଦି
୮୩	ପଥରମୁଣ୍ଡା	୬୧୭	ଘରବାରି-୧	ସରକାରୀ	୦.୦୦୪	ଅନାବାଦି
୮୪	ପଥରମୁଣ୍ଡା	୬୧୮/୩୪୬୮	ଘରବାରି-୧	ବେସରକାରୀ	୦.୦୦୪	ଗଙ୍ଗାଧର ବିଶ୍ୱାଳ, ପିତା- ଭୁବନେଶ୍ୱର ବିଶ୍ୱାଳ, ଜାତି- ତଣ୍ଡା, ଗ୍ରାମ- ଦୁର୍ଗାପୁର
୮୫	ପଥରମୁଣ୍ଡା	୬୧୯	ଘରବାରି-୧	ସରକାରୀ	୦.୦୦୪	ଅନାବାଦି
୮୬	ପଥରମୁଣ୍ଡା	୬୨୪	ଘରବାରି-୧	ବେସରକାରୀ	୦.୦୦୪	ସୁରେଶ ଚନ୍ଦ୍ର ପ୍ରଧାନ, ଭୁବନବନ୍ଧୁ ପ୍ରଧାନ, ସନ୍ତୋଷ କୁମାର ପ୍ରଧାନ, ପ୍ରଶାନ୍ତ କୁମାର ପ୍ରଧାନ, ପିତା- ଲୋକନାଥ ପ୍ରଧାନ, ଜାତି- ତଣ୍ଡା, ଗ୍ରାମ- ପଥରମୁଣ୍ଡା
୮୭	ପଥରମୁଣ୍ଡା	୬୨୪/୩୪୩୩	ଘରବାରି-୧	ବେସରକାରୀ	୦.୦୧	ବେବରାଜ ପ୍ରଧାନ, ପିତା- ଲୋକନାଥ ପ୍ରଧାନ, ଜାତି- ତଣ୍ଡା, ଗ୍ରାମ- ପଥରମୁଣ୍ଡା
୮୮	ପଥରମୁଣ୍ଡା	୬୪୨	ଘରବାରି-୧	ବେସରକାରୀ	୦.୦୦୪	ଉଦିଲେଶ୍ୱର ସାହୁ, ପିତା- ଜନାର୍ଦ୍ଦନ ସାହୁ, ଜାତି- ତଣ୍ଡା, ଗ୍ରାମ- ପଥରମୁଣ୍ଡା
୮୯	ପଥରମୁଣ୍ଡା	୬୬୯	ଘରବାରି-୧	ବେସରକାରୀ	୦.୦୦୪	ଦିବ୍ୟଲୋ ପ୍ରଧାନ, ପିତା- ନିମାଇ ଚରଣ ପ୍ରଧାନ, ପିତା- ସୁରେଶ ଚନ୍ଦ୍ର ସାହୁ, ଜାତି- ତଣ୍ଡା, ଗ୍ରାମ- ପଥରମୁଣ୍ଡା
୯୦	ପଥରମୁଣ୍ଡା	୮୬୨/୩୫୩୨	ଘରବାରି-୧	ବେସରକାରୀ	୦.୦୦୪	ନରେନ୍ଦ୍ର ପ୍ରଧାନ, ପିତା- ସୁବର୍ଣ୍ଣ ପ୍ରଧାନ, ଜାତି- ତଣ୍ଡା, ଗ୍ରାମ- ପଥରମୁଣ୍ଡା, ଥାନା - ଖମାର
୯୧	ପଥରମୁଣ୍ଡା	୮୬୨/୩୫୪୪	ଘରବାରି-୧	ବେସରକାରୀ	୦.୦୦୪	ସୁରେଶ ଚନ୍ଦ୍ର ସାହୁ, ପିତା- ମଦନ ସାହୁ, ଜାତି- ତଣ୍ଡା, ଗ୍ରାମ- ପଥରମୁଣ୍ଡା
୯୨	ପଥରମୁଣ୍ଡା	୯୩୫	ଶାରଦ-୨	ବେସରକାରୀ	୦.୦୦୪	ଭାଗୀରଥୀ ପ୍ରଧାନ, ପିତା- ଧୋବେଲ ପ୍ରଧାନ, ଜାତି- ତଣ୍ଡା, ଗ୍ରାମ- ପଥରମୁଣ୍ଡା
୯୩	ପଥରମୁଣ୍ଡା	୯୪୪/୩୪୮୩	ଘରବାରି-୧	ବେସରକାରୀ	୦.୦୦୬	ପ୍ରମୋଦ ଚନ୍ଦ୍ର ପ୍ରଧାନ, ପିତା- ଶରତ ଚନ୍ଦ୍ର ପ୍ରଧାନ, ଜାତି- ତଣ୍ଡା, ଗ୍ରାମ - ପଥରପଲ୍ଲୀ
୯୪	ପଥରମୁଣ୍ଡା	୯୪୪/୩୪୮୪	ଘରବାରି-୧	ବେସରକାରୀ	୦.୦୦୬	ପ୍ରମୋଦ ଚନ୍ଦ୍ର ପ୍ରଧାନ, ପିତା- ଶରତ ଚନ୍ଦ୍ର ପ୍ରଧାନ, ଜାତି- ତଣ୍ଡା, ଗ୍ରାମ - ପଥରପଲ୍ଲୀ
୯୫	ପଥରମୁଣ୍ଡା	୧୧୧୭	ଘରବାରି	ବେସରକାରୀ	୦.୦୦୬	ଅଭୟ ସାହୁ, ଜିତେନ ସାହୁ, ପିତା- ବିଜୟ କୁମାର ସାହୁ, ଜାତି- ତଣ୍ଡା, ଗ୍ରାମ- ପଥରମୁଣ୍ଡା
୯୬	ପଥରମୁଣ୍ଡା	୧୧୧୭	ଘରବାରି-୧	ବେସରକାରୀ	୦.୦୦୬	ପ୍ରଫୁଲ୍ଲ ସାହୁ, ସନ୍ତୋଷ କୁମାର ସାହୁ, ପିତା- ଜଗବନ୍ଧୁ ସାହୁ, ଜାତି- ତଣ୍ଡା, ଗ୍ରାମ- ପଥରମୁଣ୍ଡା
SEE NEXT
